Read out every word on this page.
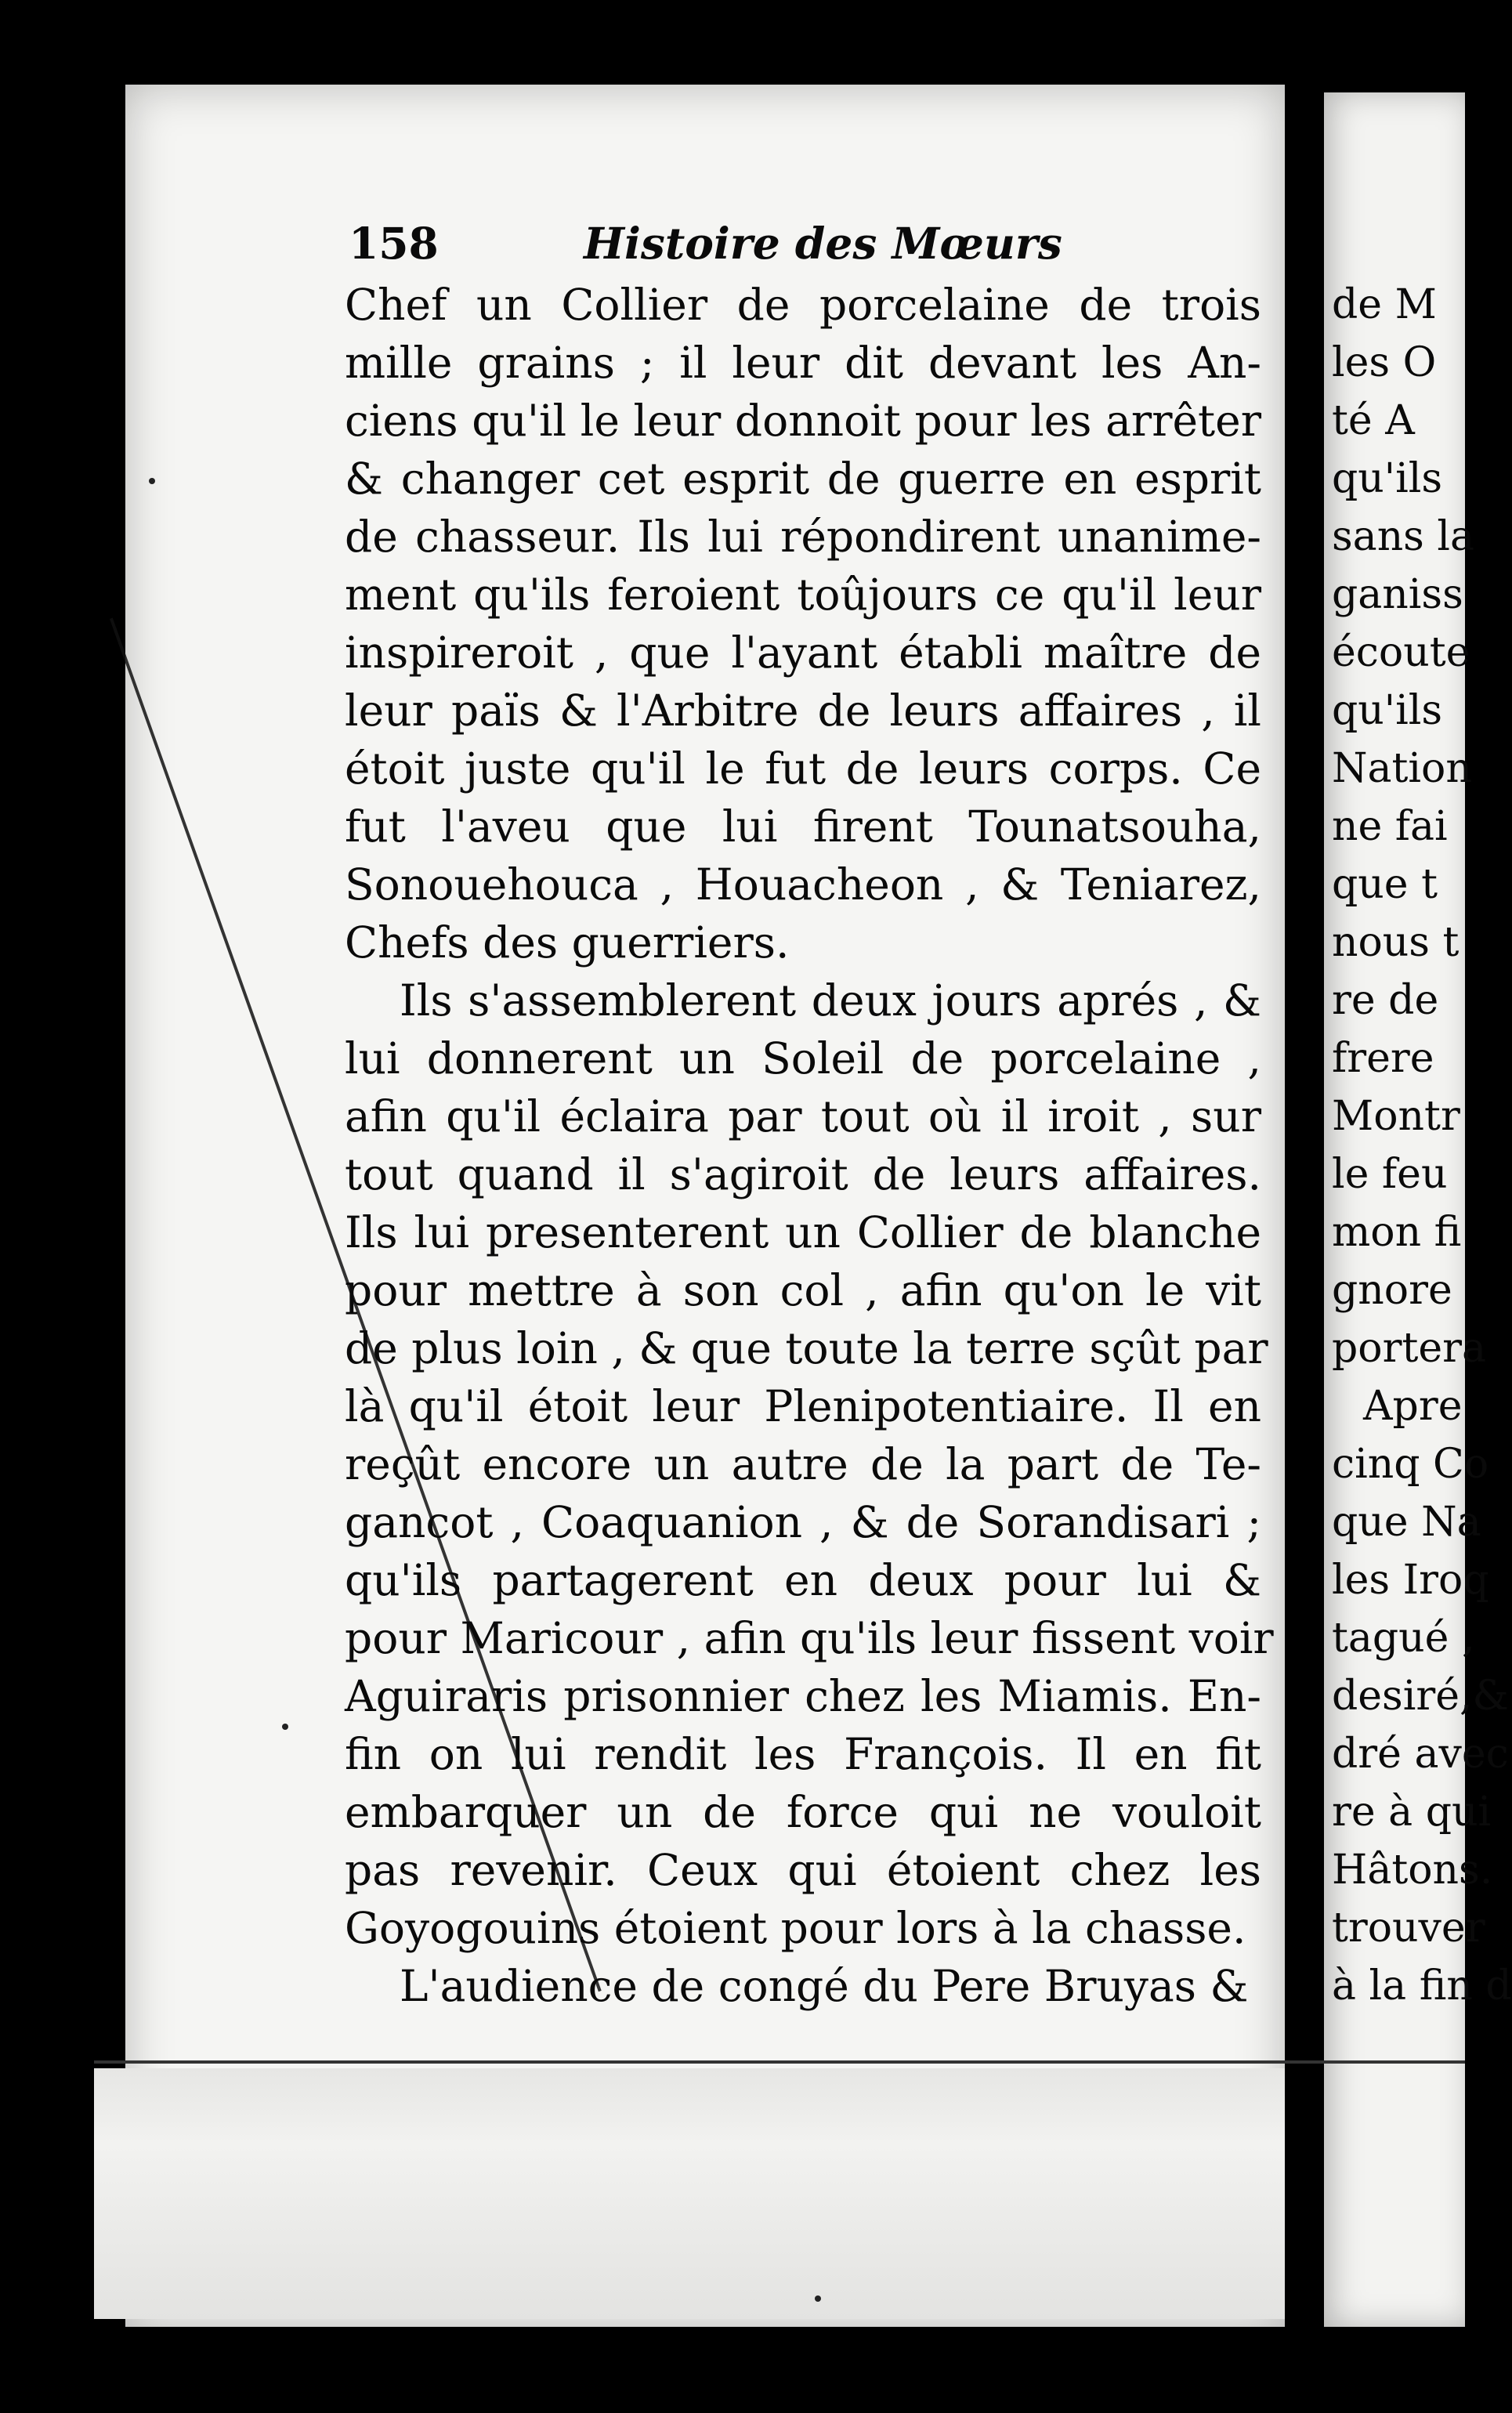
158	Histoire des Mœurs
Chef un Collier de porcelaine de trois
mille grains ; il leur dit devant les An-
ciens qu'il le leur donnoit pour les arrêter
& changer cet esprit de guerre en esprit
de chasseur. Ils lui répondirent unanime-
ment qu'ils feroient toûjours ce qu'il leur
inspireroit , que l'ayant établi maître de
leur païs & l'Arbitre de leurs affaires , il
étoit juste qu'il le fut de leurs corps. Ce
fut l'aveu que lui firent Tounatsouha,
Sonouehouca , Houacheon , & Teniarez,
Chefs des guerriers.
Ils s'assemblerent deux jours aprés , &
lui donnerent un Soleil de porcelaine ,
afin qu'il éclaira par tout où il iroit , sur
tout quand il s'agiroit de leurs affaires.
Ils lui presenterent un Collier de blanche
pour mettre à son col , afin qu'on le vit
de plus loin , & que toute la terre sçût par
là qu'il étoit leur Plenipotentiaire. Il en
reçût encore un autre de la part de Te-
gancot , Coaquanion , & de Sorandisari ;
qu'ils partagerent en deux pour lui &
pour Maricour , afin qu'ils leur fissent voir
Aguiraris prisonnier chez les Miamis. En-
fin on lui rendit les François. Il en fit
embarquer un de force qui ne vouloit
pas revenir. Ceux qui étoient chez les
Goyogouins étoient pour lors à la chasse.
L'audience de congé du Pere Bruyas &
de M
les O
té A
qu'ils
sans la
ganiss
écoute
qu'ils
Nation
ne fai
que t
nous t
re de
frere
Montr
le feu
mon fi
gnore
portera
Apre
cinq Co
que Na
les Iroq
tagué ,
desiré,&
dré avec
re à qui
Hâtons.
trouver
à la fin d
